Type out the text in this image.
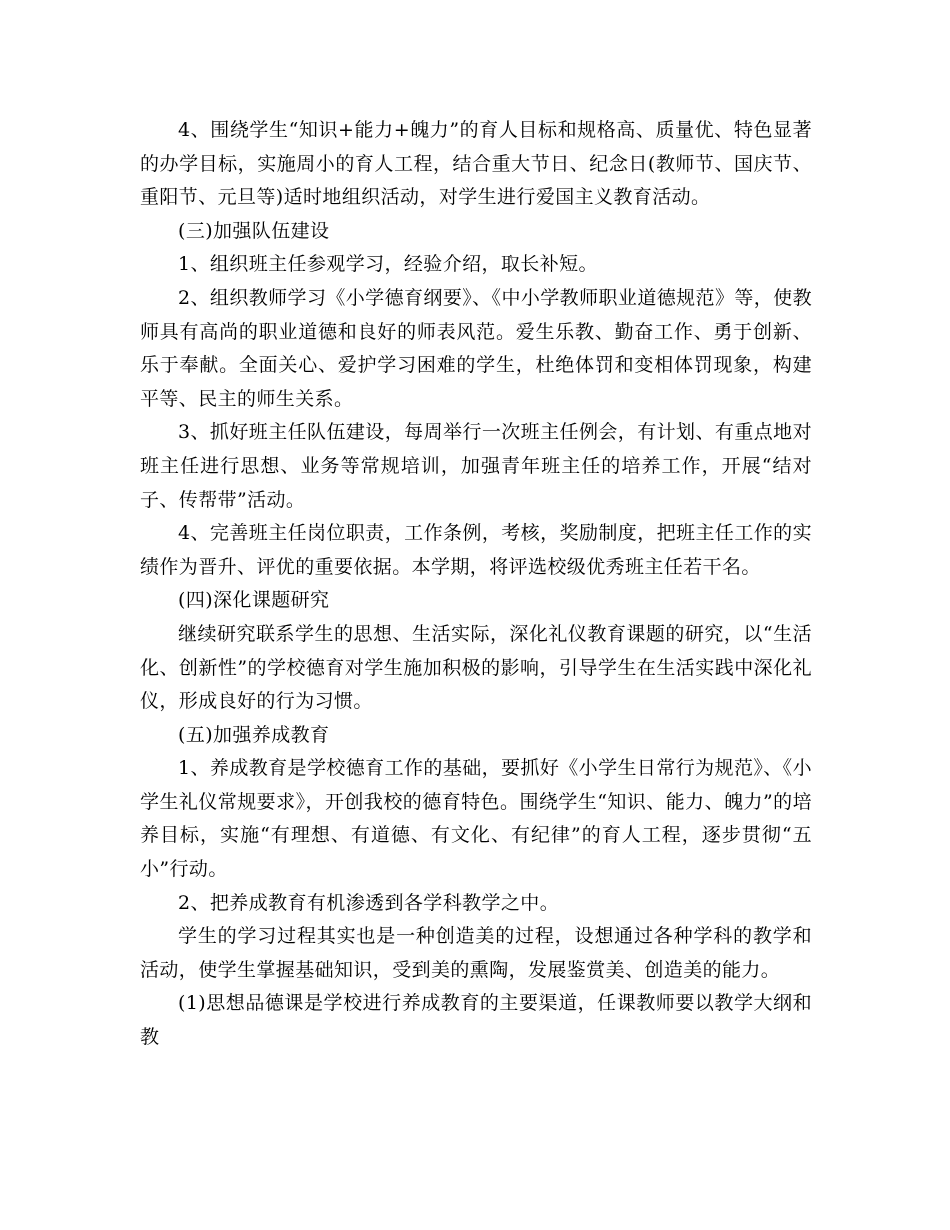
4、围绕学生“知识+能力+魄力”的育人目标和规格高、质量优、特色显著的办学目标，实施周小的育人工程，结合重大节日、纪念日(教师节、国庆节、重阳节、元旦等)适时地组织活动，对学生进行爱国主义教育活动。

(三)加强队伍建设

1、组织班主任参观学习，经验介绍，取长补短。

2、组织教师学习《小学德育纲要》、《中小学教师职业道德规范》等，使教师具有高尚的职业道德和良好的师表风范。爱生乐教、勤奋工作、勇于创新、乐于奉献。全面关心、爱护学习困难的学生，杜绝体罚和变相体罚现象，构建平等、民主的师生关系。

3、抓好班主任队伍建设，每周举行一次班主任例会，有计划、有重点地对班主任进行思想、业务等常规培训，加强青年班主任的培养工作，开展“结对子、传帮带”活动。

4、完善班主任岗位职责，工作条例，考核，奖励制度，把班主任工作的实绩作为晋升、评优的重要依据。本学期，将评选校级优秀班主任若干名。

(四)深化课题研究

继续研究联系学生的思想、生活实际，深化礼仪教育课题的研究，以“生活化、创新性”的学校德育对学生施加积极的影响，引导学生在生活实践中深化礼仪，形成良好的行为习惯。

(五)加强养成教育

1、养成教育是学校德育工作的基础，要抓好《小学生日常行为规范》、《小学生礼仪常规要求》，开创我校的德育特色。围绕学生“知识、能力、魄力”的培养目标，实施“有理想、有道德、有文化、有纪律”的育人工程，逐步贯彻“五小”行动。

2、把养成教育有机渗透到各学科教学之中。

学生的学习过程其实也是一种创造美的过程，设想通过各种学科的教学和活动，使学生掌握基础知识，受到美的熏陶，发展鉴赏美、创造美的能力。

(1)思想品德课是学校进行养成教育的主要渠道，任课教师要以教学大纲和教
